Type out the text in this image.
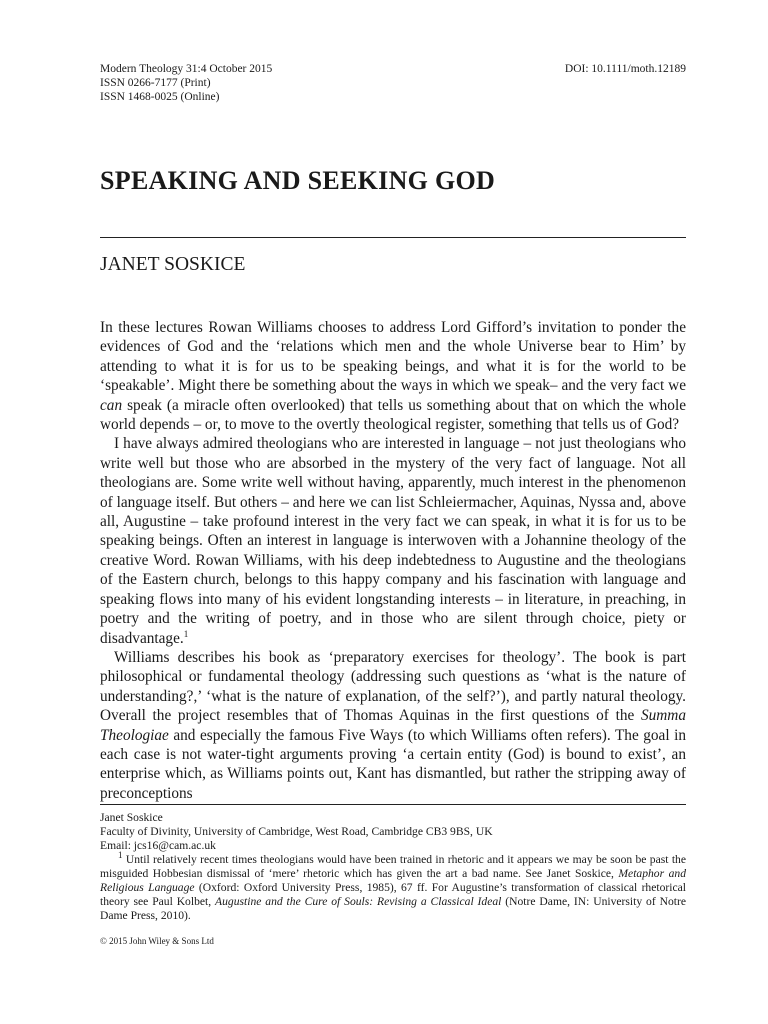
Modern Theology 31:4 October 2015
ISSN 0266-7177 (Print)
ISSN 1468-0025 (Online)
DOI: 10.1111/moth.12189
SPEAKING AND SEEKING GOD
JANET SOSKICE

In these lectures Rowan Williams chooses to address Lord Gifford’s invitation to ponder the evidences of God and the ‘relations which men and the whole Universe bear to Him’ by attending to what it is for us to be speaking beings, and what it is for the world to be ‘speakable’. Might there be something about the ways in which we speak– and the very fact we can speak (a miracle often overlooked) that tells us something about that on which the whole world depends – or, to move to the overtly theological register, something that tells us of God?

I have always admired theologians who are interested in language – not just theologians who write well but those who are absorbed in the mystery of the very fact of language. Not all theologians are. Some write well without having, apparently, much interest in the phenomenon of language itself. But others – and here we can list Schleiermacher, Aquinas, Nyssa and, above all, Augustine – take profound interest in the very fact we can speak, in what it is for us to be speaking beings. Often an interest in language is interwoven with a Johannine theology of the creative Word. Rowan Williams, with his deep indebtedness to Augustine and the theologians of the Eastern church, belongs to this happy company and his fascination with language and speaking flows into many of his evident longstanding interests – in literature, in preaching, in poetry and the writing of poetry, and in those who are silent through choice, piety or disadvantage.$^1$

Williams describes his book as ‘preparatory exercises for theology’. The book is part philosophical or fundamental theology (addressing such questions as ‘what is the nature of understanding?,’ ‘what is the nature of explanation, of the self?’), and partly natural theology. Overall the project resembles that of Thomas Aquinas in the first questions of the Summa Theologiae and especially the famous Five Ways (to which Williams often refers). The goal in each case is not water-tight arguments proving ‘a certain entity (God) is bound to exist’, an enterprise which, as Williams points out, Kant has dismantled, but rather the stripping away of preconceptions

Janet Soskice
Faculty of Divinity, University of Cambridge, West Road, Cambridge CB3 9BS, UK
Email: jcs16@cam.ac.uk

$^1$ Until relatively recent times theologians would have been trained in rhetoric and it appears we may be soon be past the misguided Hobbesian dismissal of ‘mere’ rhetoric which has given the art a bad name. See Janet Soskice, Metaphor and Religious Language (Oxford: Oxford University Press, 1985), 67 ff. For Augustine’s transformation of classical rhetorical theory see Paul Kolbet, Augustine and the Cure of Souls: Revising a Classical Ideal (Notre Dame, IN: University of Notre Dame Press, 2010).

© 2015 John Wiley & Sons Ltd
